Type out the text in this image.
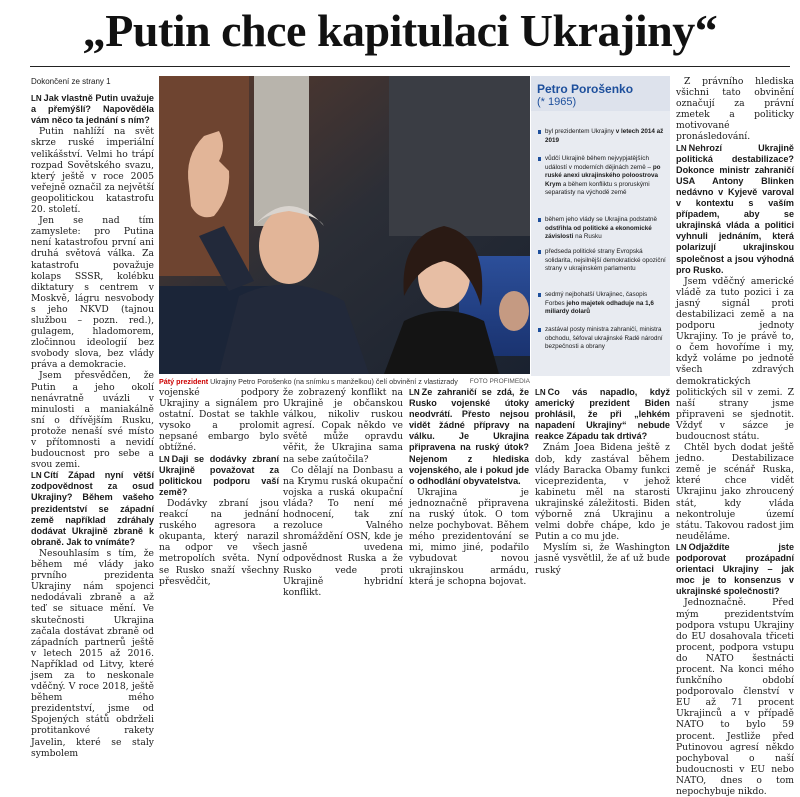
„Putin chce kapitulaci Ukrajiny“
Dokončení ze strany 1

LN Jak vlastně Putin uvažuje a přemýšlí? Napověděla vám něco ta jednání s ním?

Putin nahlíží na svět skrze ruské imperiální velikášství. Velmi ho trápí rozpad Sovětského svazu, který ještě v roce 2005 veřejně označil za největší geopolitickou katastrofu 20. století.

Jen se nad tím zamyslete: pro Putina není katastrofou první ani druhá světová válka. Za katastrofu považuje kolaps SSSR, kolébku diktatury s centrem v Moskvě, lágru nesvobody s jeho NKVD (tajnou službou – pozn. red.), gulagem, hladomorem, zločinnou ideologií bez svobody slova, bez vlády práva a demokracie.

Jsem přesvědčen, že Putin a jeho okolí nenávratně uvázli v minulosti a maniakálně sní o dřívějším Rusku, protože nenaší své místo v přítomnosti a nevidí budoucnost pro sebe a svou zemi.

LN Cítí Západ nyní větší zodpovědnost za osud Ukrajiny? Během vašeho prezidentství se západní země například zdráhaly dodávat Ukrajině zbraně k obraně. Jak to vnímáte?

Nesouhlasím s tím, že během mé vlády jako prvního prezidenta Ukrajiny nám spojenci nedodávali zbraně a až teď se situace mění. Ve skutečnosti Ukrajina začala dostávat zbraně od západních partnerů ještě v letech 2015 až 2016. Například od Litvy, které jsem za to neskonale vděčný. V roce 2018, ještě během mého prezidentství, jsme od Spojených států obdrželi protitankové rakety Javelin, které se staly symbolem

Pátý prezident Ukrajiny Petro Porošenko (na snímku s manželkou) čelí obvinění z vlastizrady FOTO PROFIMEDIA
Petro Porošenko
(* 1965)
byl prezidentem Ukrajiny v letech 2014 až 2019
vůdčí Ukrajině během nejvypjatějších událostí v moderních dějinách země – po ruské anexi ukrajinského poloostrova Krym a během konfliktu s proruskými separatisty na východě země
během jeho vlády se Ukrajina podstatně odstřihla od politické a ekonomické závislosti na Rusku
předseda politické strany Evropská solidarita, nejsilnější demokratické opoziční strany v ukrajinském parlamentu
sedmý nejbohatší Ukrajinec, časopis Forbes jeho majetek odhaduje na 1,6 miliardy dolarů
zastával posty ministra zahraničí, ministra obchodu, šéfoval ukrajinské Radě národní bezpečnosti a obrany

vojenské podpory Ukrajiny a signálem pro ostatní. Dostat se takhle vysoko a prolomit nepsané embargo bylo obtížné.

LN Daji se dodávky zbraní Ukrajině považovat za politickou podporu vaší země?

Dodávky zbraní jsou reakcí na jednání ruského agresora a okupanta, který narazil na odpor ve všech metropolích světa. Nyní se Rusko snaží všechny přesvědčit,

že zobrazený konflikt na Ukrajině je občanskou válkou, nikoliv ruskou agresí. Copak někdo ve světě může opravdu věřit, že Ukrajina sama na sebe zaútočila?

Co dělají na Donbasu a na Krymu ruská okupační vojska a ruská okupační vláda? To není mé hodnocení, tak zní rezoluce Valného shromáždění OSN, kde je jasně uvedena odpovědnost Ruska a že Rusko vede proti Ukrajině hybridní konflikt.

LN Ze zahraničí se zdá, že Rusko vojenské útoky neodvrátí. Přesto nejsou vidět žádné přípravy na válku. Je Ukrajina připravena na ruský útok? Nejenom z hlediska vojenského, ale i pokud jde o odhodlání obyvatelstva.

Ukrajina je jednoznačně připravena na ruský útok. O tom nelze pochybovat. Během mého prezidentování se mi, mimo jiné, podařilo vybudovat novou ukrajinskou armádu, která je schopna bojovat.

LN Co vás napadlo, když americký prezident Biden prohlásil, že při „lehkém napadení Ukrajiny“ nebude reakce Západu tak drtivá?

Znám Joea Bidena ještě z dob, kdy zastával během vlády Baracka Obamy funkci viceprezidenta, v jehož kabinetu měl na starosti ukrajinské záležitosti. Biden výborně zná Ukrajinu a velmi dobře chápe, kdo je Putin a co mu jde.

Myslím si, že Washington jasně vysvětlil, že ať už bude ruský

Z právního hlediska všichni tato obvinění označují za právní zmetek a politicky motivované pronásledování.

LN Nehrozí Ukrajině politická destabilizace? Dokonce ministr zahraničí USA Antony Blinken nedávno v Kyjevě varoval v kontextu s vaším případem, aby se ukrajinská vláda a politici vyhnuli jednáním, která polarizují ukrajinskou společnost a jsou výhodná pro Rusko.

Jsem vděčný americké vládě za tuto pozici i za jasný signál proti destabilizaci země a na podporu jednoty Ukrajiny. To je právě to, o čem hovoříme i my, když voláme po jednotě všech zdravých demokratických politických sil v zemi. Z naší strany jsme připraveni se sjednotit. Vždyť v sázce je budoucnost státu.

Chtěl bych dodat ještě jedno. Destabilizace země je scénář Ruska, které chce vidět Ukrajinu jako zhroucený stát, kdy vláda nekontroluje území státu. Takovou radost jim neuděláme.

LN Odjaždíte jste podporovat prozápadní orientaci Ukrajiny – jak moc je to konsenzus v ukrajinské společnosti?

Jednoznačně. Před mým prezidentstvím podpora vstupu Ukrajiny do EU dosahovala třiceti procent, podpora vstupu do NATO šestnácti procent. Na konci mého funkčního období podporovalo členství v EU až 71 procent Ukrajinců a v případě NATO to bylo 59 procent. Jestliže před Putinovou agresí někdo pochyboval o naší budoucnosti v EU nebo NATO, dnes o tom nepochybuje nikdo.
